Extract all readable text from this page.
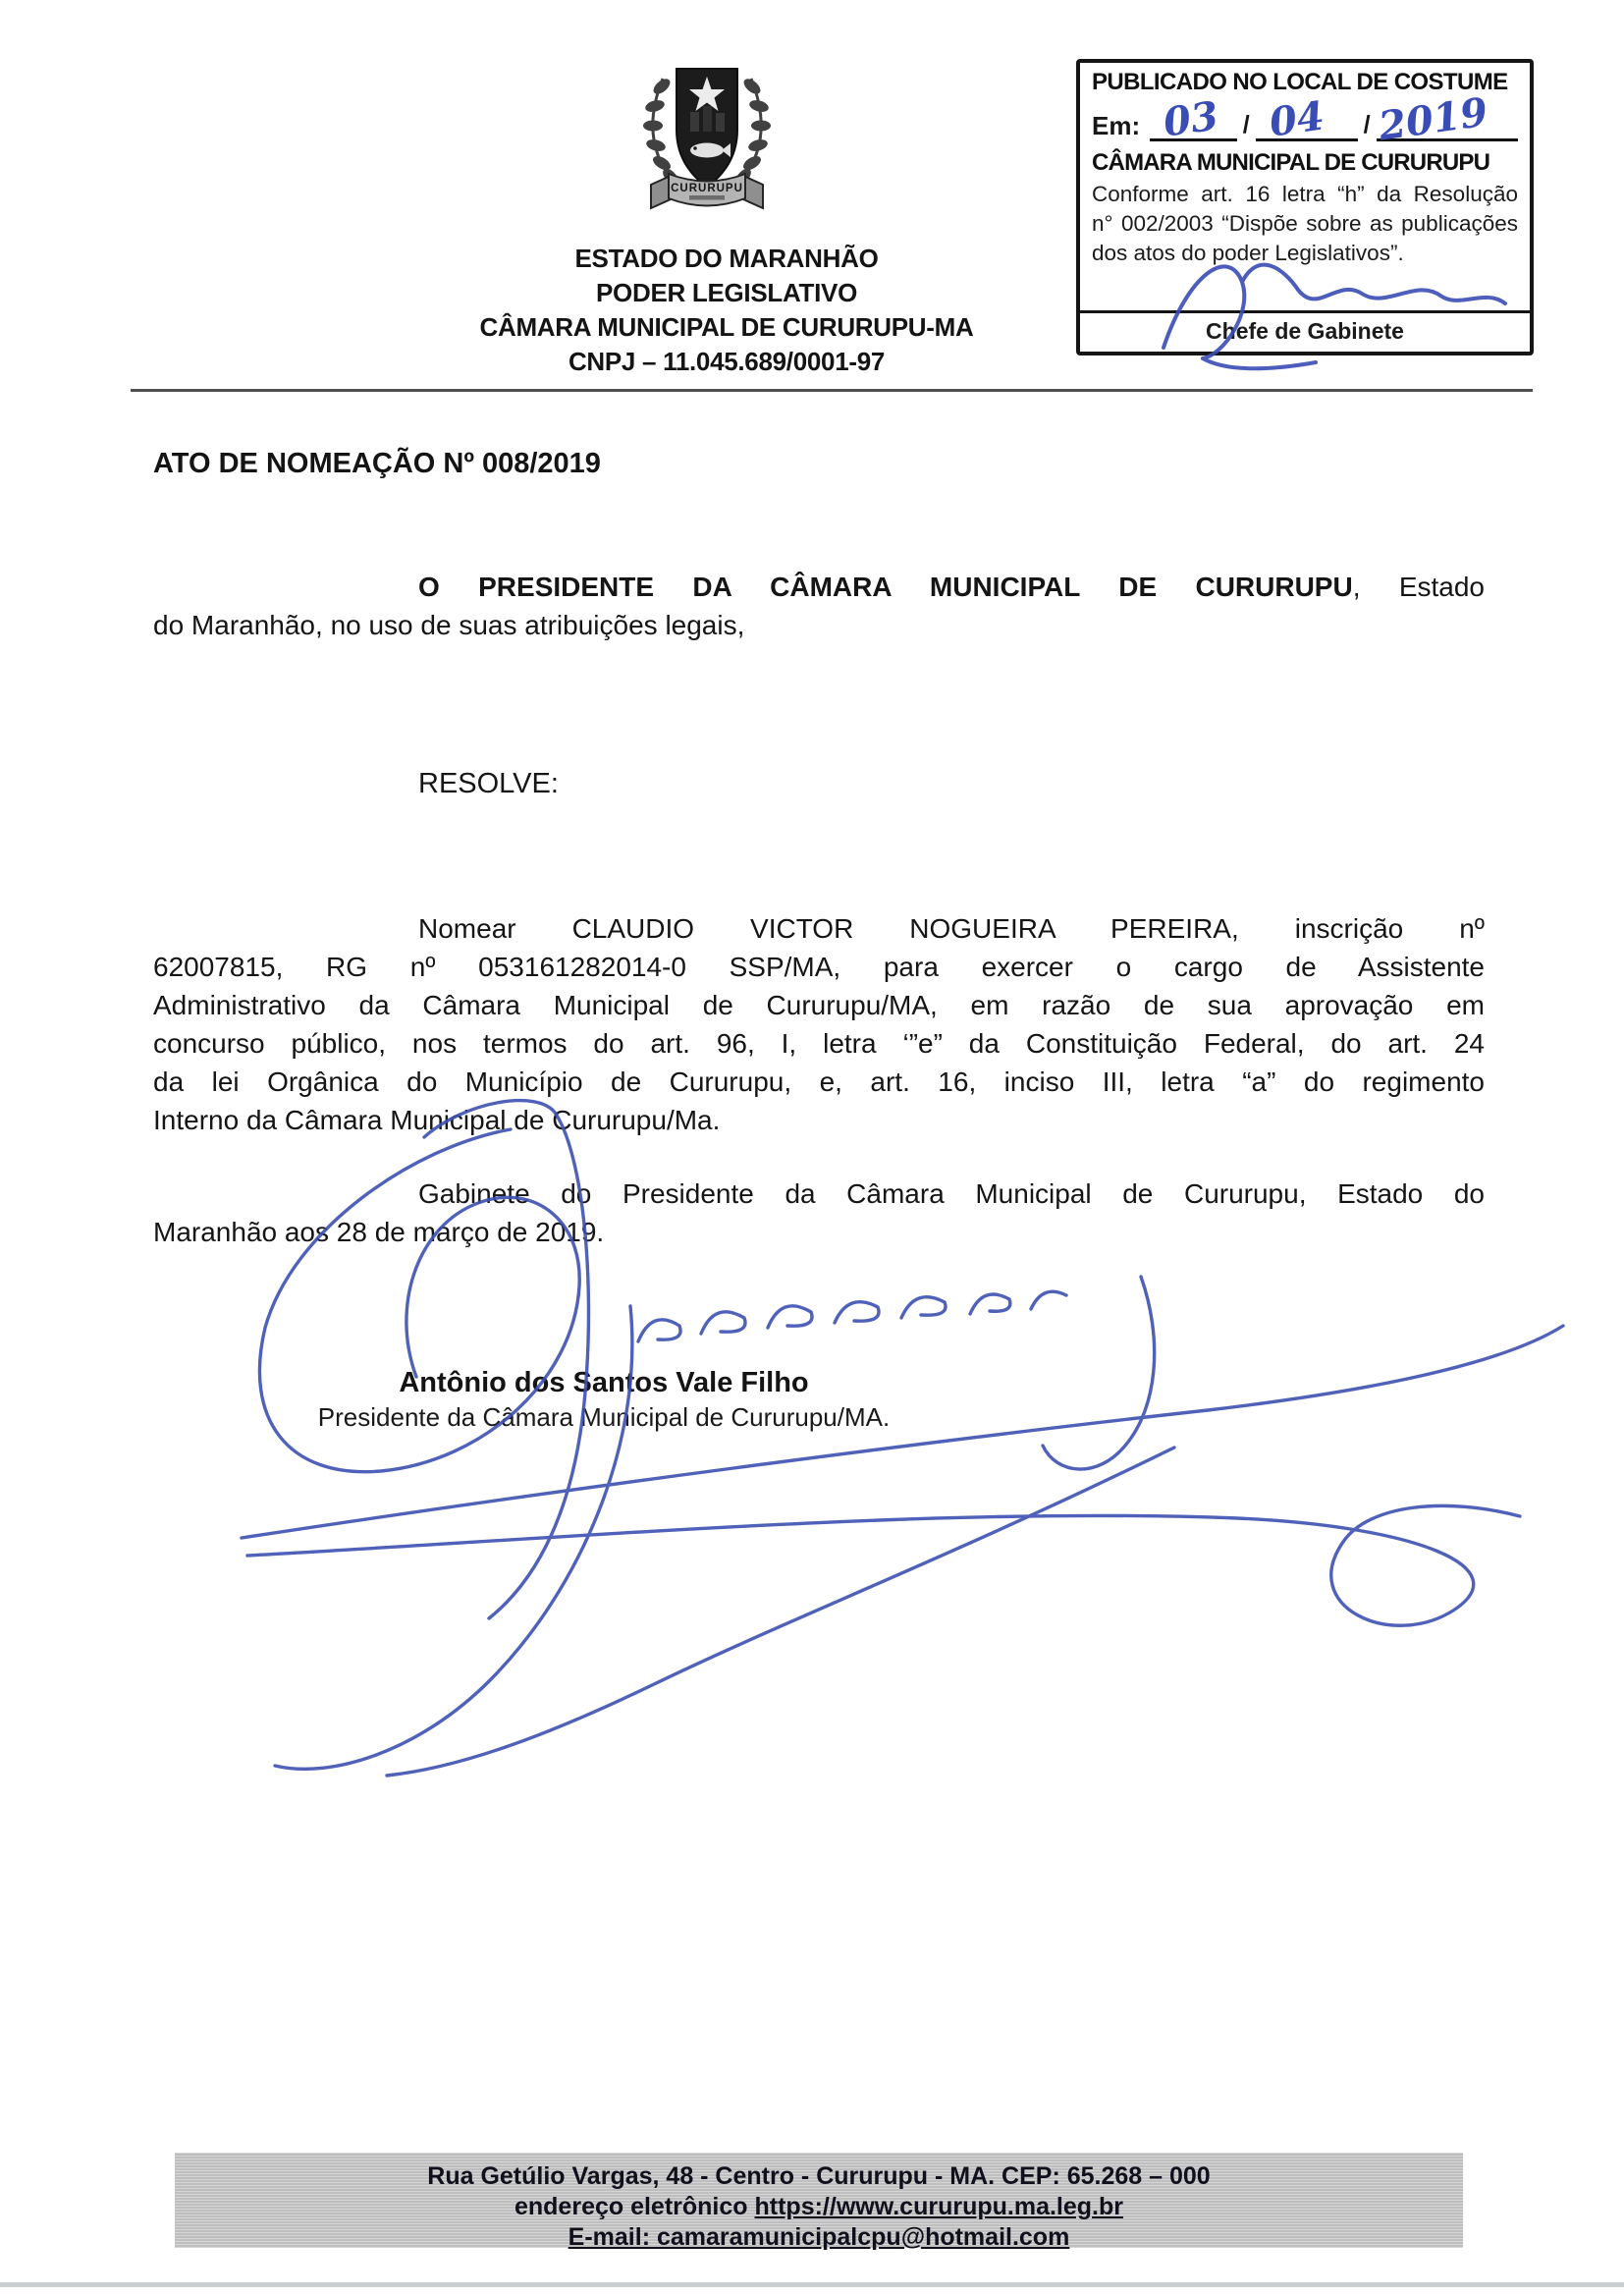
CURURUPU
ESTADO DO MARANHÃO
PODER LEGISLATIVO
CÂMARA MUNICIPAL DE CURURUPU-MA
CNPJ – 11.045.689/0001-97
PUBLICADO NO LOCAL DE COSTUME
Em: 03 / 04 / 2019
CÂMARA MUNICIPAL DE CURURUPU
Conforme art. 16 letra “h” da Resolução
n° 002/2003 “Dispõe sobre as publicações
dos atos do poder Legislativos”.
Chefe de Gabinete
ATO DE NOMEAÇÃO Nº 008/2019
O PRESIDENTE DA CÂMARA MUNICIPAL DE CURURUPU, Estado
do Maranhão, no uso de suas atribuições legais,
RESOLVE:
Nomear CLAUDIO VICTOR NOGUEIRA PEREIRA, inscrição nº
62007815, RG nº 053161282014-0 SSP/MA, para exercer o cargo de Assistente
Administrativo da Câmara Municipal de Cururupu/MA, em razão de sua aprovação em
concurso público, nos termos do art. 96, I, letra ‘”e” da Constituição Federal, do art. 24
da lei Orgânica do Município de Cururupu, e, art. 16, inciso III, letra “a” do regimento
Interno da Câmara Municipal de Cururupu/Ma.
Gabinete do Presidente da Câmara Municipal de Cururupu, Estado do
Maranhão aos 28 de março de 2019.
Antônio dos Santos Vale Filho
Presidente da Câmara Municipal de Cururupu/MA.
Rua Getúlio Vargas, 48 - Centro - Cururupu - MA. CEP: 65.268 – 000
endereço eletrônico https://www.cururupu.ma.leg.br
E-mail: camaramunicipalcpu@hotmail.com
